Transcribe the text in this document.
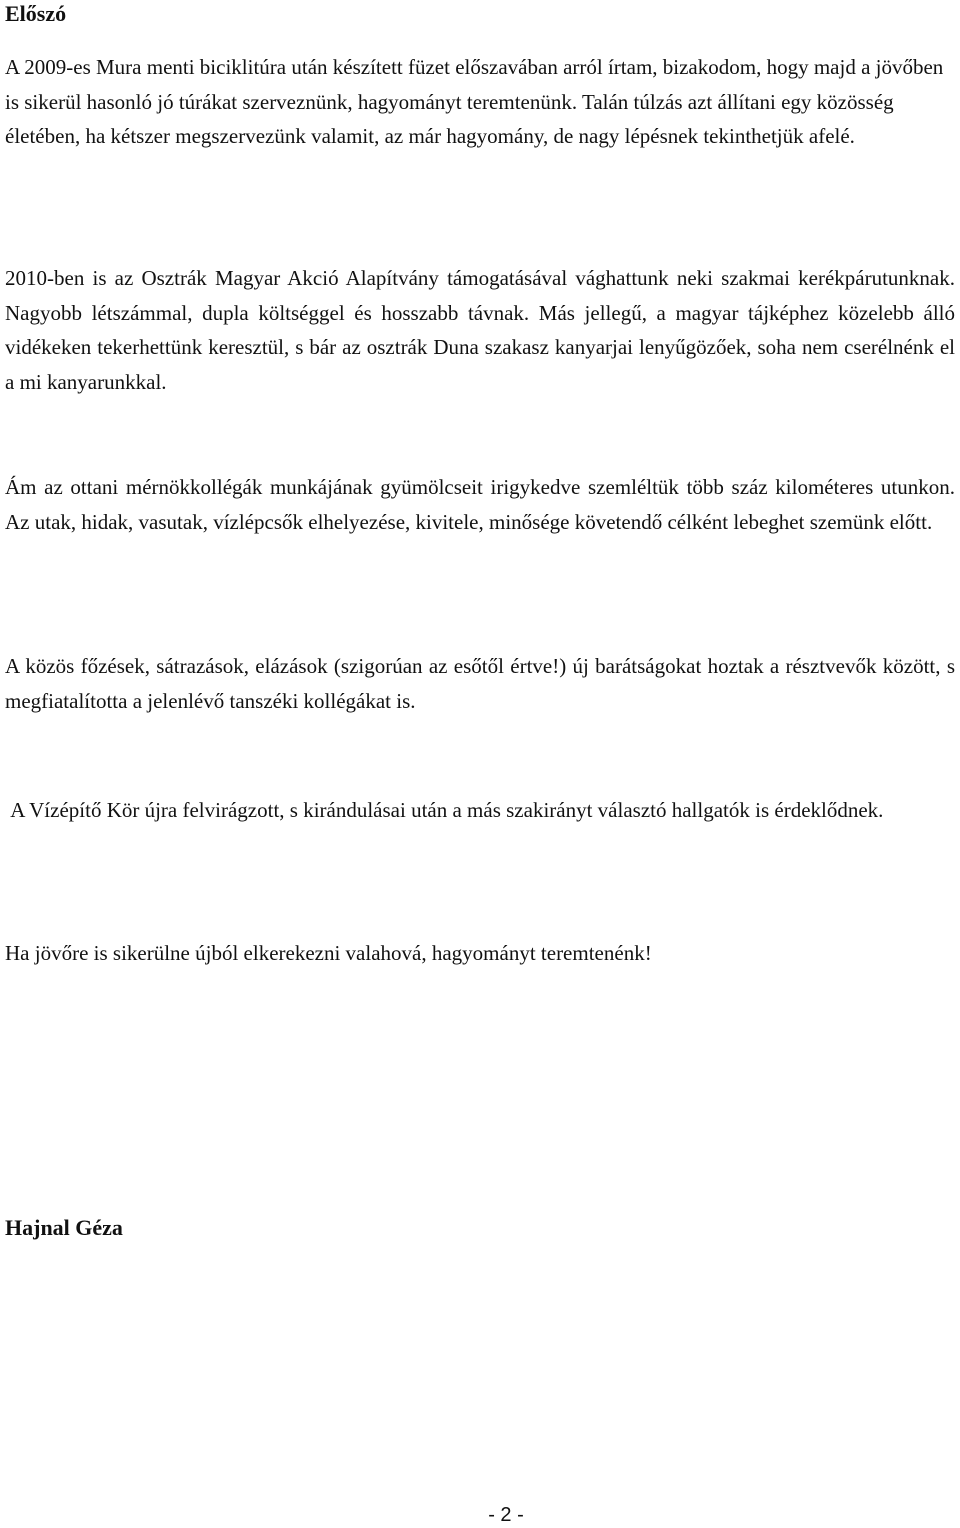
Előszó

A 2009-es Mura menti biciklitúra után készített füzet előszavában arról írtam, bizakodom, hogy majd a jövőben is sikerül hasonló jó túrákat szerveznünk, hagyományt teremtenünk. Talán túlzás azt állítani egy közösség életében, ha kétszer megszervezünk valamit, az már hagyomány, de nagy lépésnek tekinthetjük afelé.

2010-ben is az Osztrák Magyar Akció Alapítvány támogatásával vághattunk neki szakmai kerékpárutunknak. Nagyobb létszámmal, dupla költséggel és hosszabb távnak. Más jellegű, a magyar tájképhez közelebb álló vidékeken tekerhettünk keresztül, s bár az osztrák Duna szakasz kanyarjai lenyűgözőek, soha nem cserélnénk el a mi kanyarunkkal.

Ám az ottani mérnökkollégák munkájának gyümölcseit irigykedve szemléltük több száz kilométeres utunkon. Az utak, hidak, vasutak, vízlépcsők elhelyezése, kivitele, minősége követendő célként lebeghet szemünk előtt.

A közös főzések, sátrazások, elázások (szigorúan az esőtől értve!) új barátságokat hoztak a résztvevők között, s megfiatalította a jelenlévő tanszéki kollégákat is.

A Vízépítő Kör újra felvirágzott, s kirándulásai után a más szakirányt választó hallgatók is érdeklődnek.

Ha jövőre is sikerülne újból elkerekezni valahová, hagyományt teremtenénk!

Hajnal Géza

- 2 -
